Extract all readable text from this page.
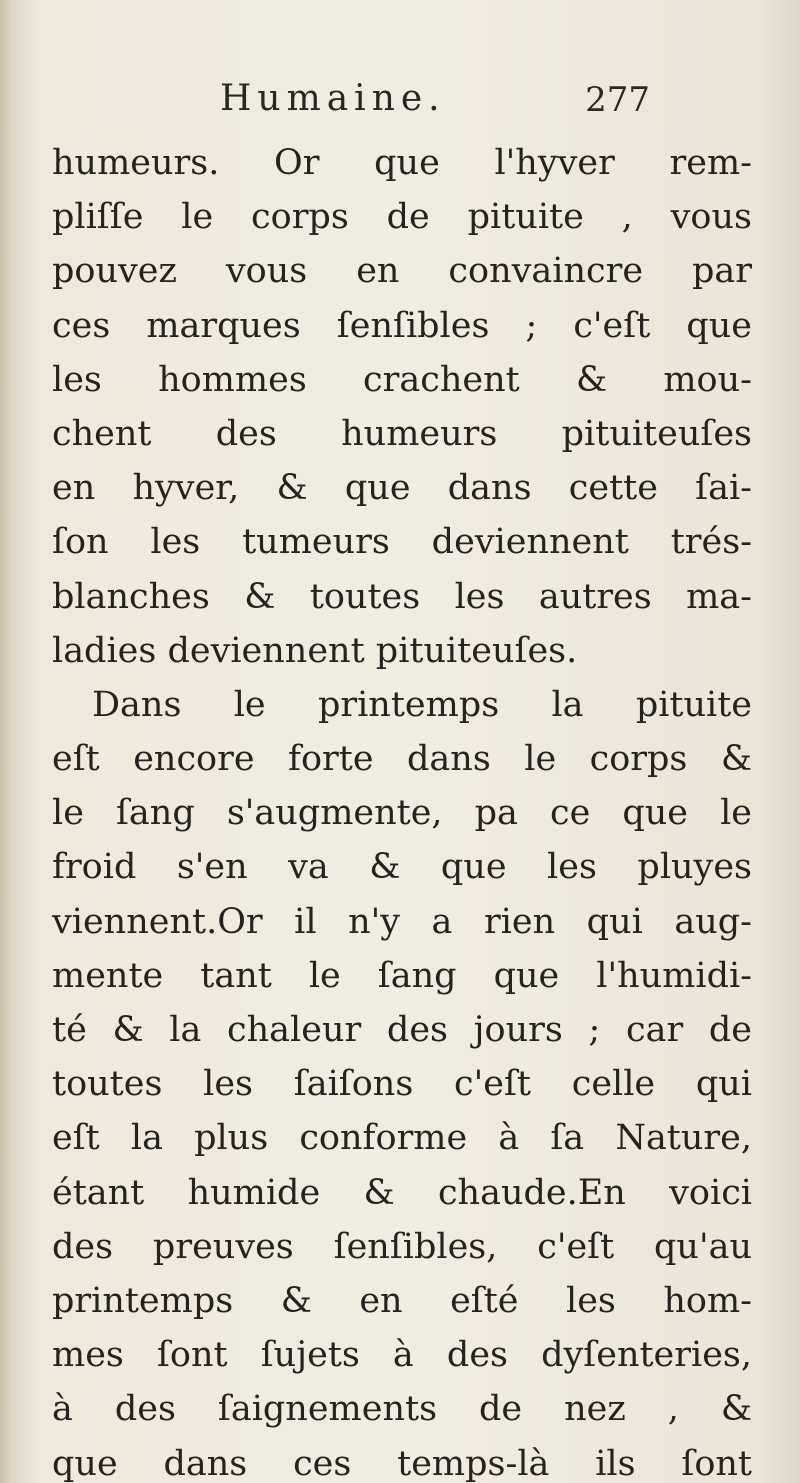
Humaine.	277
humeurs. Or que l'hyver rem-
pliſſe le corps de pituite , vous
pouvez vous en convaincre par
ces marques ſenſibles ; c'eſt que
les hommes crachent & mou-
chent des humeurs pituiteuſes
en hyver, & que dans cette ſai-
ſon les tumeurs deviennent trés-
blanches & toutes les autres ma-
ladies deviennent pituiteuſes.
Dans le printemps la pituite
eſt encore forte dans le corps &
le ſang s'augmente, pa ce que le
froid s'en va & que les pluyes
viennent.Or il n'y a rien qui aug-
mente tant le ſang que l'humidi-
té & la chaleur des jours ; car de
toutes les ſaiſons c'eſt celle qui
eſt la plus conforme à ſa Nature,
étant humide & chaude.En voici
des preuves ſenſibles, c'eſt qu'au
printemps & en eſté les hom-
mes ſont ſujets à des dyſenteries,
à des ſaignements de nez , &
que dans ces temps-là ils ſont
